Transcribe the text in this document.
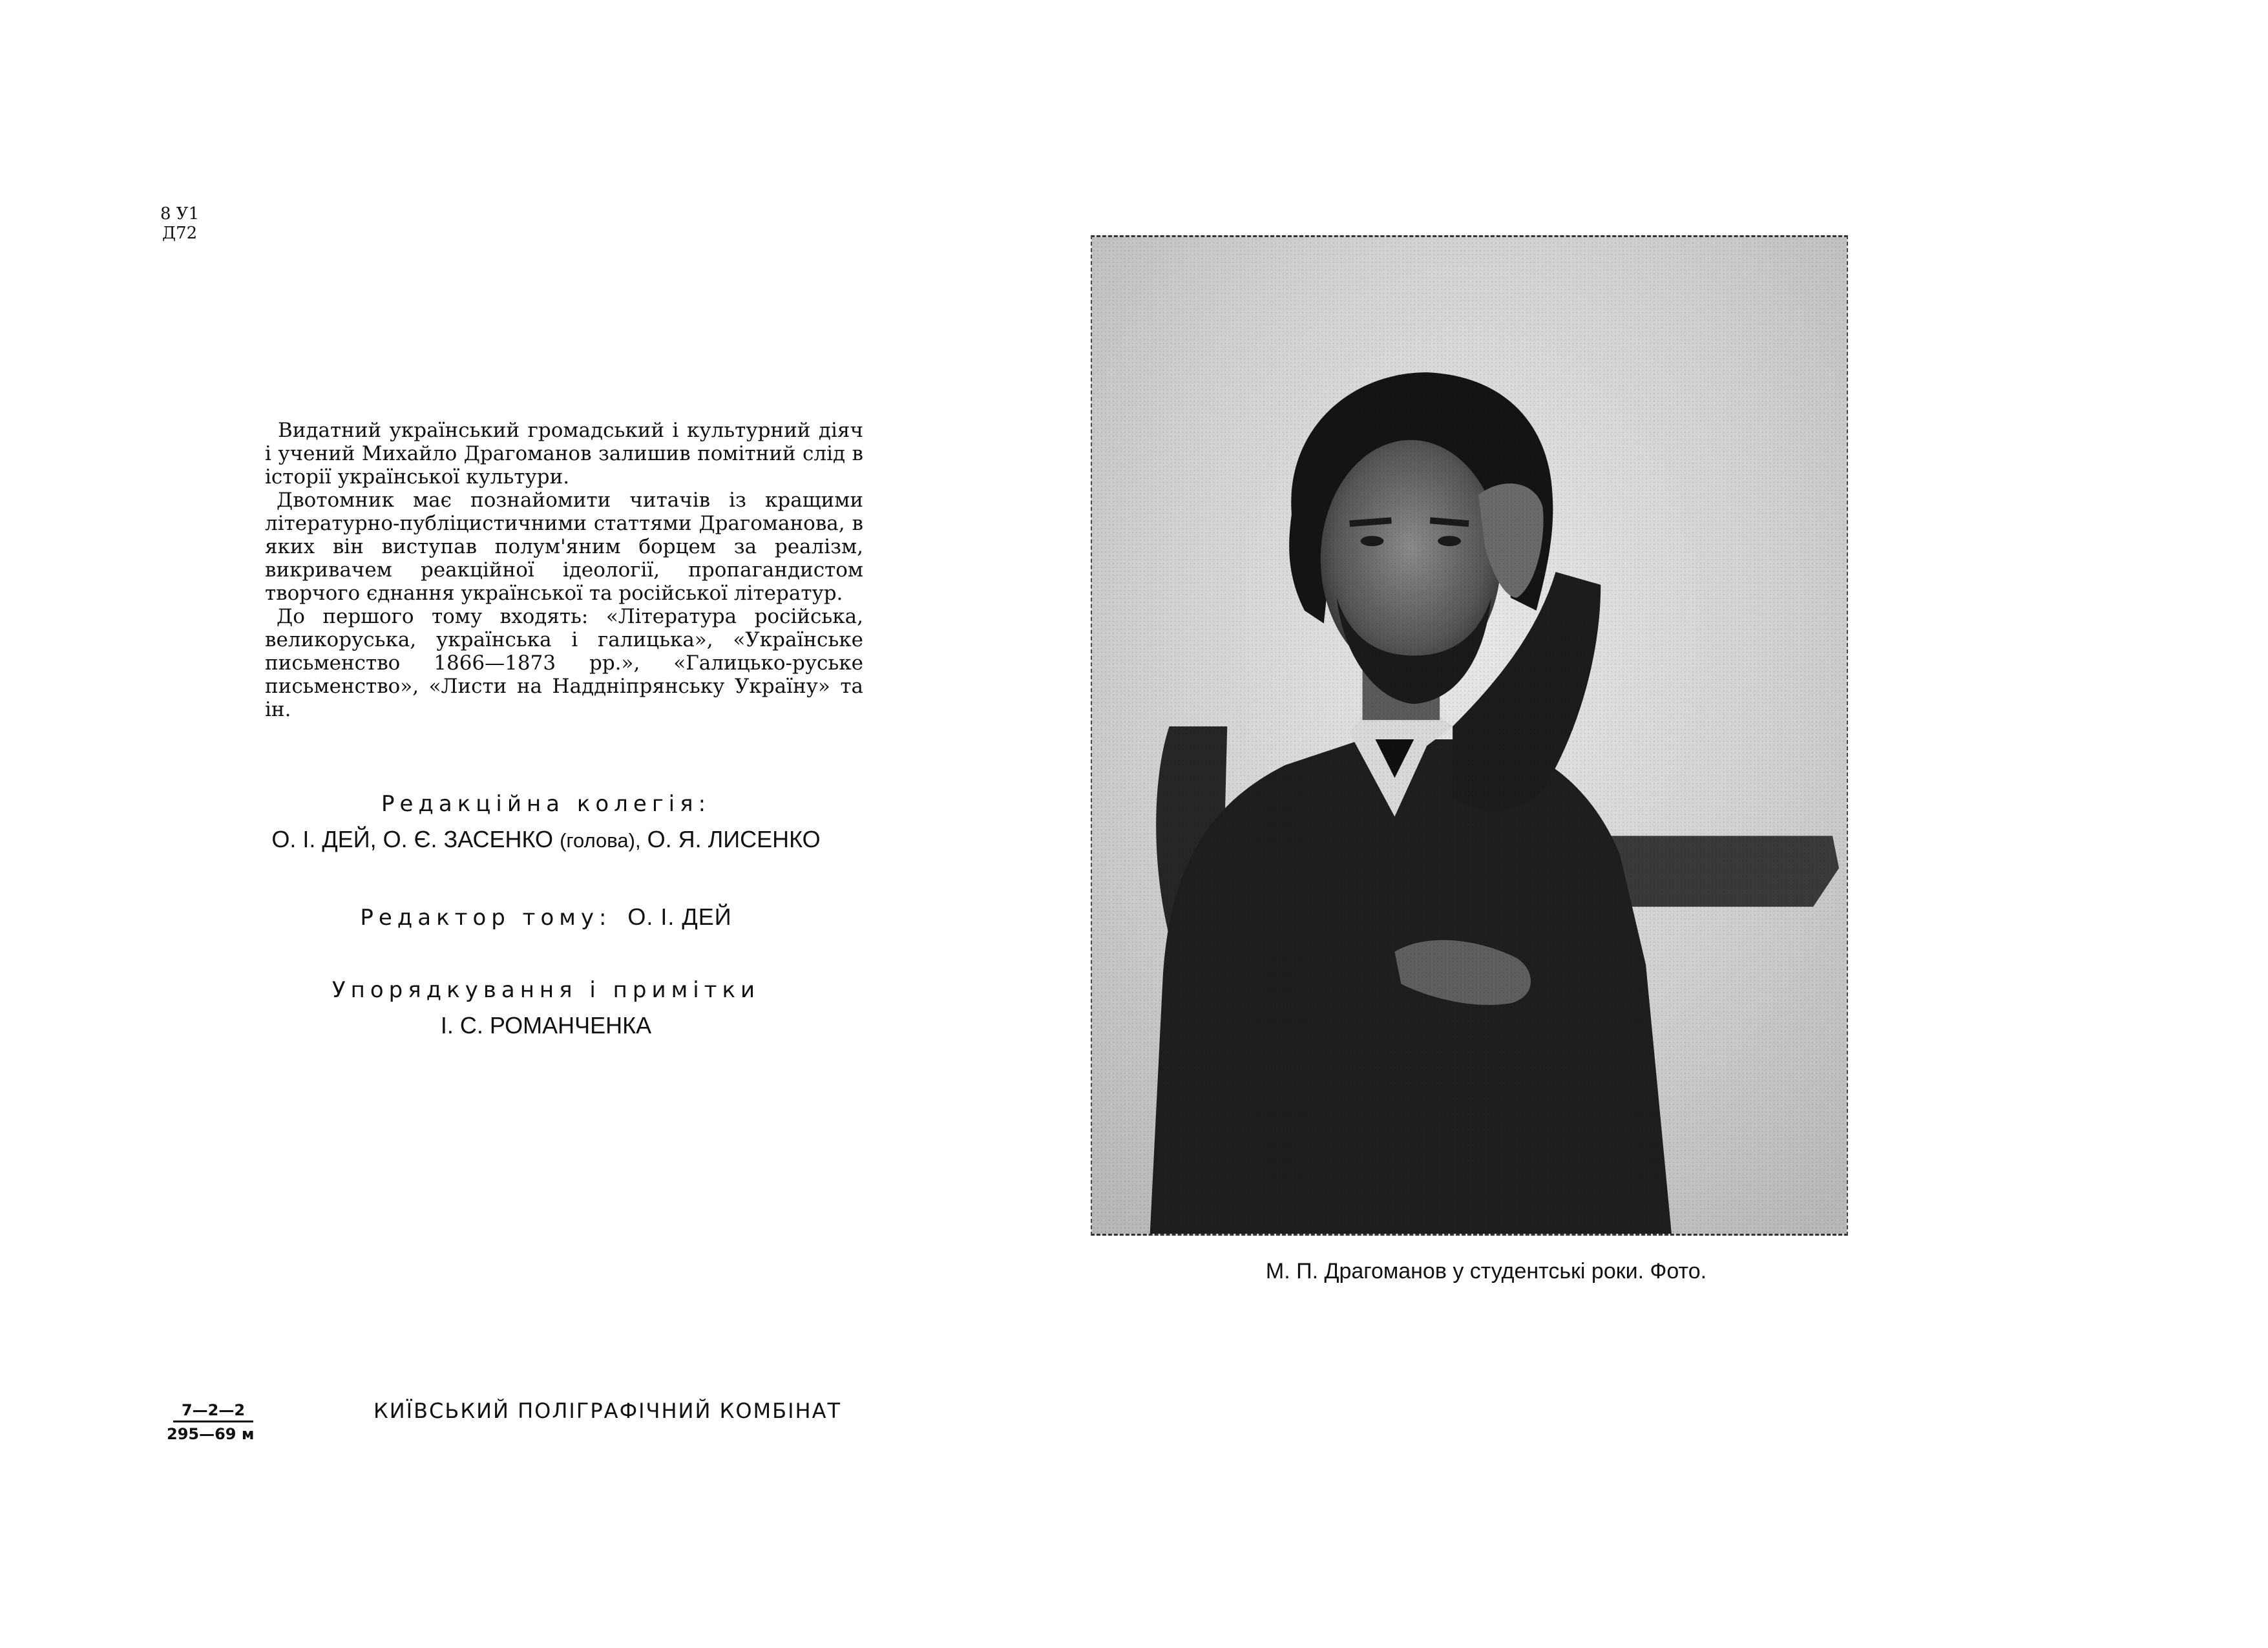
8 У1
Д72

Видатний український громадський і культурний діяч і учений Михайло Драгоманов залишив помітний слід в історії української культури.

Двотомник має познайомити читачів із кращими літературно-публіцистичними статтями Драгоманова, в яких він виступав полум'яним борцем за реалізм, викривачем реакційної ідеології, пропагандистом творчого єднання української та російської літератур.

До першого тому входять: «Література російська, великоруська, українська і галицька», «Українське письменство 1866—1873 рр.», «Галицько-руське письменство», «Листи на Наддніпрянську Україну» та ін.

Редакційна колегія:
О. І. ДЕЙ, О. Є. ЗАСЕНКО (голова), О. Я. ЛИСЕНКО
Редактор тому: О. І. ДЕЙ
Упорядкування і примітки
І. С. РОМАНЧЕНКА
7—2—2
295—69 м
КИЇВСЬКИЙ ПОЛІГРАФІЧНИЙ КОМБІНАТ
М. П. Драгоманов у студентські роки. Фото.
